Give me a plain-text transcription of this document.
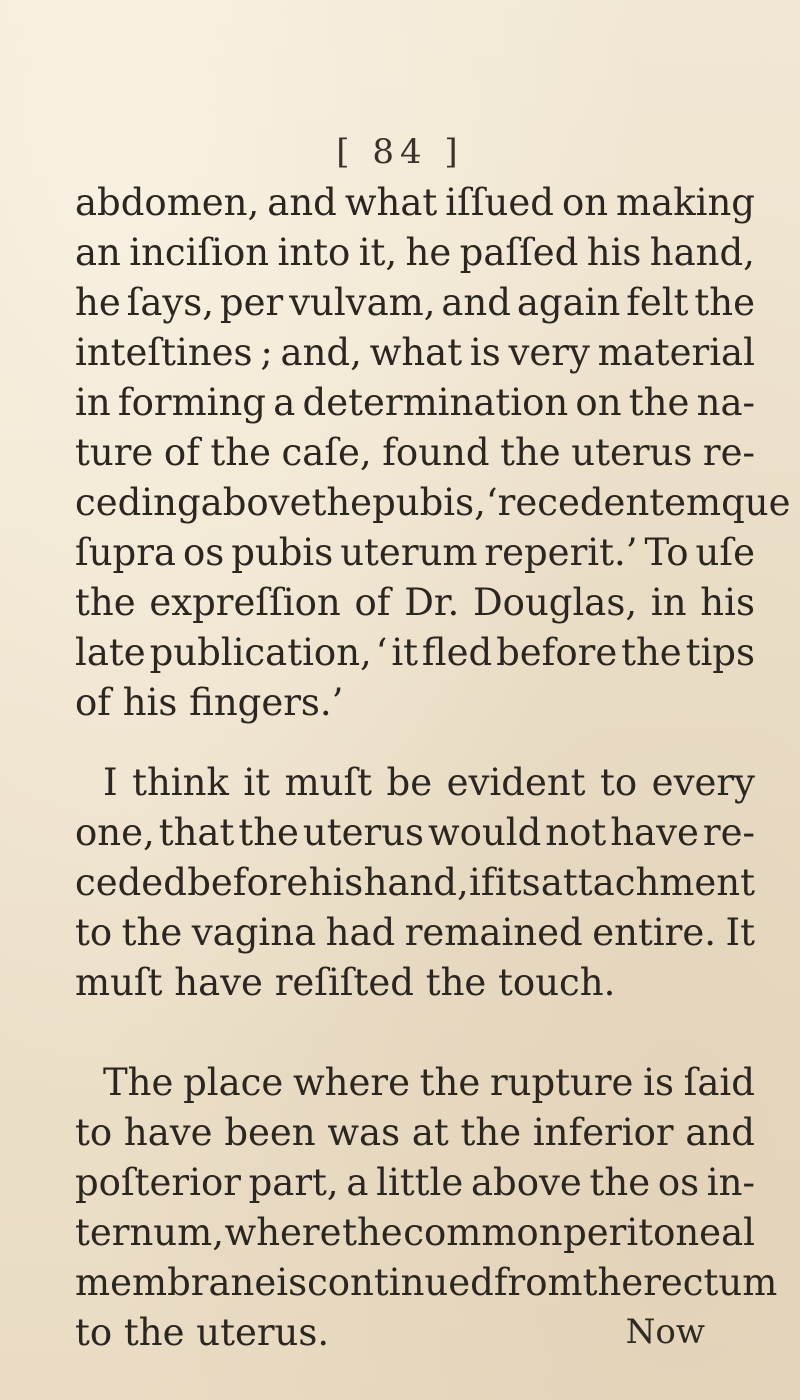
[ 84 ]
abdomen, and what iſſued on making
an inciſion into it, he paſſed his hand,
he ſays, per vulvam, and again felt the
inteſtines ; and, what is very material
in forming a determination on the na-
ture of the caſe, found the uterus re-
ceding above the pubis, ‘ recedentemque
ſupra os pubis uterum reperit.’ To uſe
the expreſſion of Dr. Douglas, in his
late publication, ‘ it fled before the tips
of his fingers.’
I think it muſt be evident to every
one, that the uterus would not have re-
ceded before his hand, if its attachment
to the vagina had remained entire. It
muſt have reſiſted the touch.
The place where the rupture is ſaid
to have been was at the inferior and
poſterior part, a little above the os in-
ternum, where the common peritoneal
membrane is continued from the rectum
to the uterus.	Now
